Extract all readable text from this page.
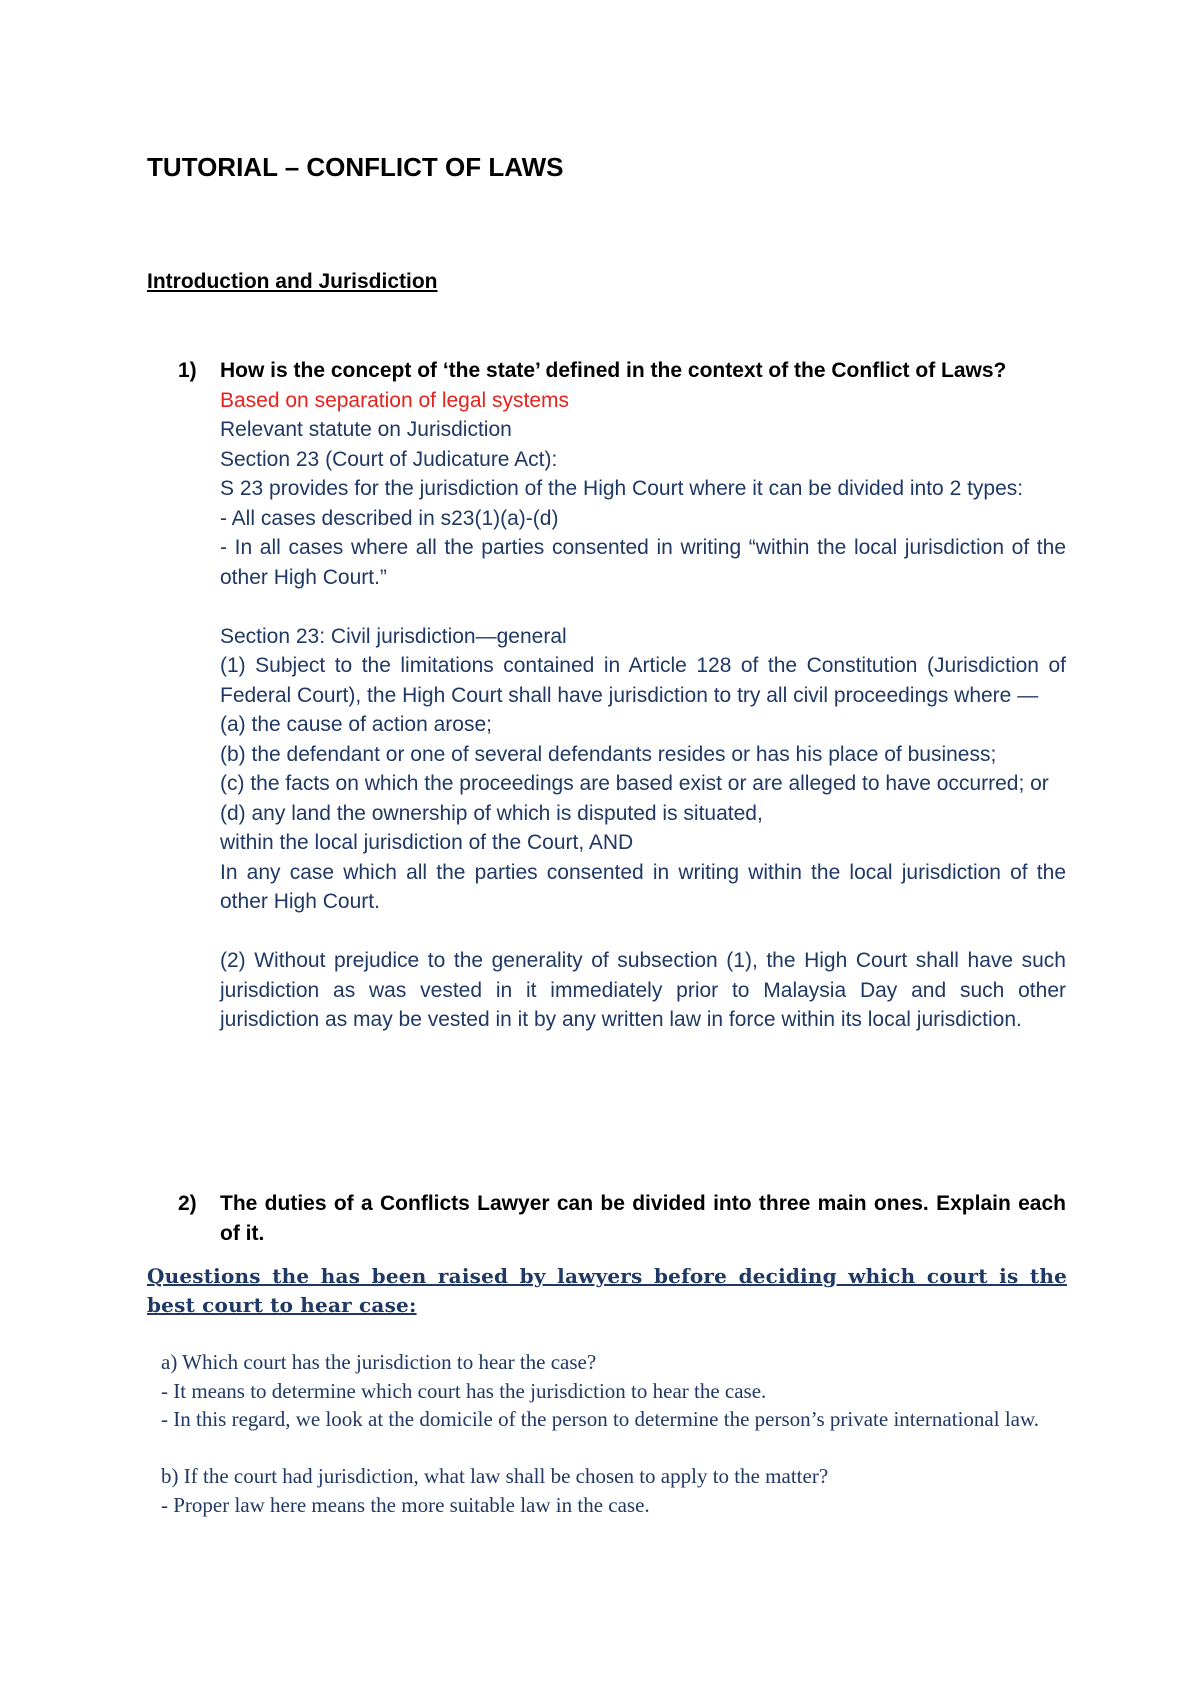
TUTORIAL – CONFLICT OF LAWS
Introduction and Jurisdiction
1) How is the concept of ‘the state’ defined in the context of the Conflict of Laws?
Based on separation of legal systems
Relevant statute on Jurisdiction
Section 23 (Court of Judicature Act):
S 23 provides for the jurisdiction of the High Court where it can be divided into 2 types:
- All cases described in s23(1)(a)-(d)
- In all cases where all the parties consented in writing “within the local jurisdiction of the other High Court.”
Section 23: Civil jurisdiction—general
(1) Subject to the limitations contained in Article 128 of the Constitution (Jurisdiction of Federal Court), the High Court shall have jurisdiction to try all civil proceedings where —
(a) the cause of action arose;
(b) the defendant or one of several defendants resides or has his place of business;
(c) the facts on which the proceedings are based exist or are alleged to have occurred; or
(d) any land the ownership of which is disputed is situated,
within the local jurisdiction of the Court, AND
In any case which all the parties consented in writing within the local jurisdiction of the other High Court.
(2) Without prejudice to the generality of subsection (1), the High Court shall have such jurisdiction as was vested in it immediately prior to Malaysia Day and such other jurisdiction as may be vested in it by any written law in force within its local jurisdiction.
2) The duties of a Conflicts Lawyer can be divided into three main ones. Explain each of it.
Questions the has been raised by lawyers before deciding which court is the best court to hear case:

a) Which court has the jurisdiction to hear the case?

- It means to determine which court has the jurisdiction to hear the case.

- In this regard, we look at the domicile of the person to determine the person’s private international law.

b) If the court had jurisdiction, what law shall be chosen to apply to the matter?

- Proper law here means the more suitable law in the case.
